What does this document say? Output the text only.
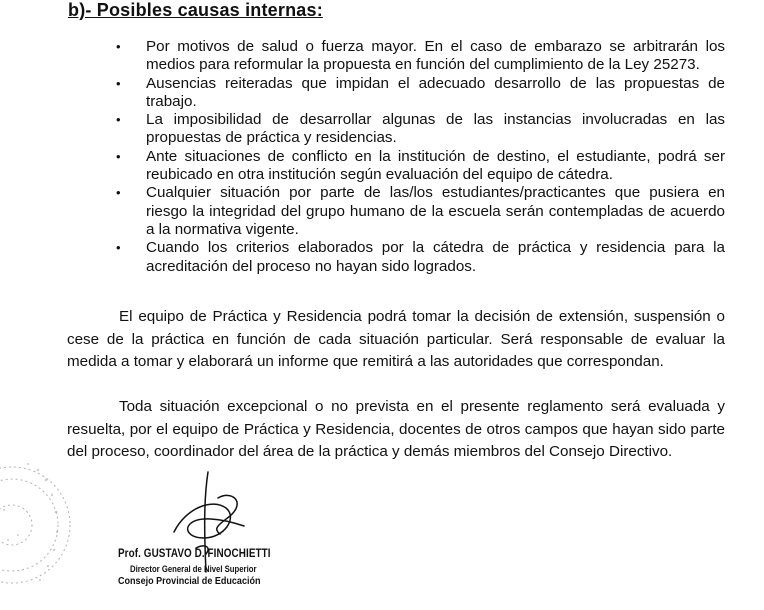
b)- Posibles causas internas:
• Por motivos de salud o fuerza mayor. En el caso de embarazo se arbitrarán los medios para reformular la propuesta en función del cumplimiento de la Ley 25273.
• Ausencias reiteradas que impidan el adecuado desarrollo de las propuestas de trabajo.
• La imposibilidad de desarrollar algunas de las instancias involucradas en las propuestas de práctica y residencias.
• Ante situaciones de conflicto en la institución de destino, el estudiante, podrá ser reubicado en otra institución según evaluación del equipo de cátedra.
• Cualquier situación por parte de las/los estudiantes/practicantes que pusiera en riesgo la integridad del grupo humano de la escuela serán contempladas de acuerdo a la normativa vigente.
• Cuando los criterios elaborados por la cátedra de práctica y residencia para la acreditación del proceso no hayan sido logrados.

El equipo de Práctica y Residencia podrá tomar la decisión de extensión, suspensión o cese de la práctica en función de cada situación particular. Será responsable de evaluar la medida a tomar y elaborará un informe que remitirá a las autoridades que correspondan.

Toda situación excepcional o no prevista en el presente reglamento será evaluada y resuelta, por el equipo de Práctica y Residencia, docentes de otros campos que hayan sido parte del proceso, coordinador del área de la práctica y demás miembros del Consejo Directivo.

Prof. GUSTAVO D. FINOCHIETTI
Director General de Nivel Superior
Consejo Provincial de Educación
